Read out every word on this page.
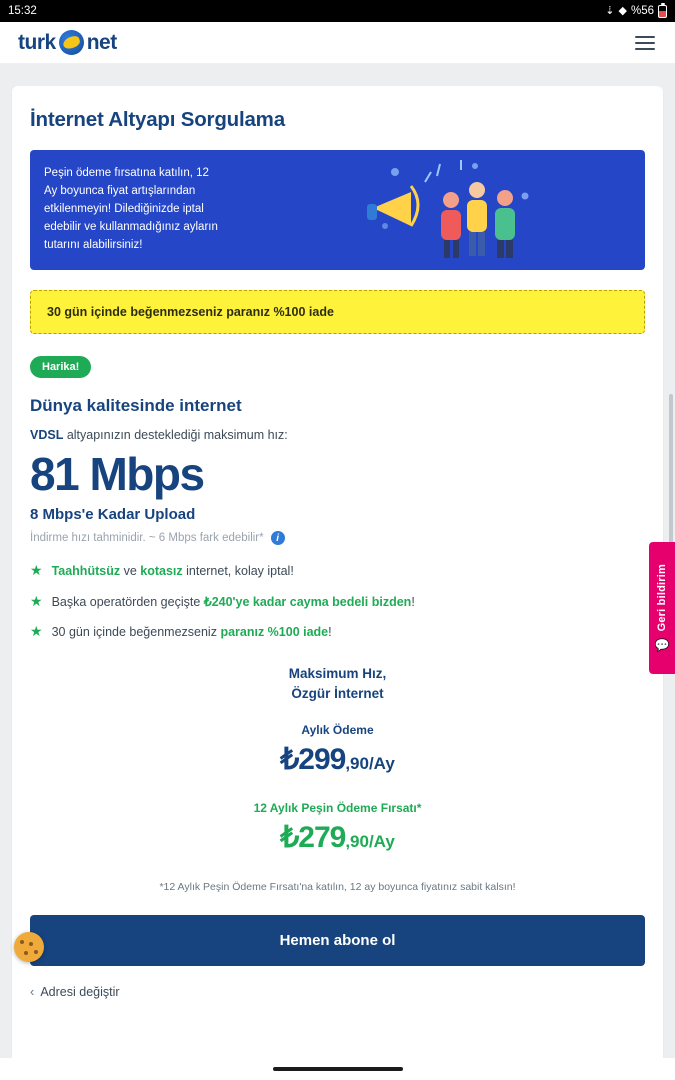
15:32	⇣ ◆ %56
turk net
İnternet Altyapı Sorgulama

Peşin ödeme fırsatına katılın, 12 Ay boyunca fiyat artışlarından etkilenmeyin! Dilediğinizde iptal edebilir ve kullanmadığınız ayların tutarını alabilirsiniz!

30 gün içinde beğenmezseniz paranız %100 iade
Harika!
Dünya kalitesinde internet
VDSL altyapınızın desteklediği maksimum hız:
81 Mbps
8 Mbps'e Kadar Upload
İndirme hızı tahminidir. ~ 6 Mbps fark edebilir*	i
★ Taahhütsüz ve kotasız internet, kolay iptal!
★ Başka operatörden geçişte ₺240'ye kadar cayma bedeli bizden!
★ 30 gün içinde beğenmezseniz paranız %100 iade!
Maksimum Hız,
Özgür İnternet
Aylık Ödeme
₺299,90/Ay
12 Aylık Peşin Ödeme Fırsatı*
₺279,90/Ay
*12 Aylık Peşin Ödeme Fırsatı'na katılın, 12 ay boyunca fiyatınız sabit kalsın!
Hemen abone ol
‹ Adresi değiştir
Geri bildirim
💬
